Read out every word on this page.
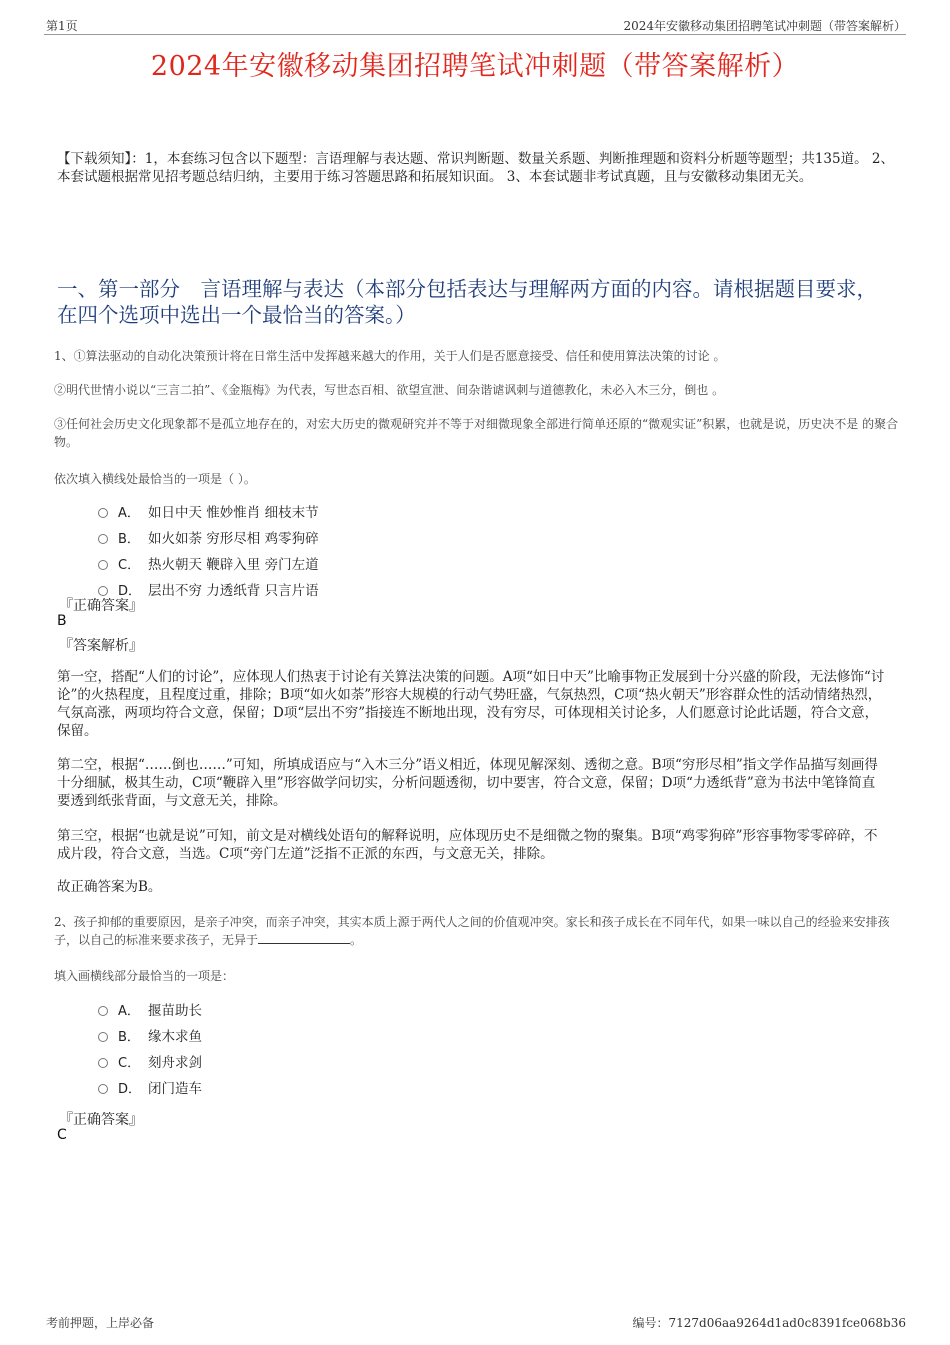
第1页	2024年安徽移动集团招聘笔试冲刺题（带答案解析）
2024年安徽移动集团招聘笔试冲刺题（带答案解析）
【下载须知】：1，本套练习包含以下题型：言语理解与表达题、常识判断题、数量关系题、判断推理题和资料分析题等题型；共135道。 2、本套试题根据常见招考题总结归纳，主要用于练习答题思路和拓展知识面。 3、本套试题非考试真题，且与安徽移动集团无关。
一、第一部分　言语理解与表达（本部分包括表达与理解两方面的内容。请根据题目要求，在四个选项中选出一个最恰当的答案。）
1、①算法驱动的自动化决策预计将在日常生活中发挥越来越大的作用，关于人们是否愿意接受、信任和使用算法决策的讨论 。
②明代世情小说以“三言二拍”、《金瓶梅》为代表，写世态百相、欲望宣泄、间杂谐谑讽刺与道德教化，未必入木三分，倒也 。
③任何社会历史文化现象都不是孤立地存在的，对宏大历史的微观研究并不等于对细微现象全部进行简单还原的“微观实证”积累，也就是说，历史决不是 的聚合物。
依次填入横线处最恰当的一项是（ ）。
A． 如日中天 惟妙惟肖 细枝末节
B． 如火如荼 穷形尽相 鸡零狗碎
C． 热火朝天 鞭辟入里 旁门左道
D． 层出不穷 力透纸背 只言片语
『正确答案』
B
『答案解析』
第一空，搭配“人们的讨论”，应体现人们热衷于讨论有关算法决策的问题。A项“如日中天”比喻事物正发展到十分兴盛的阶段，无法修饰“讨论”的火热程度，且程度过重，排除；B项“如火如荼”形容大规模的行动气势旺盛，气氛热烈，C项“热火朝天”形容群众性的活动情绪热烈，气氛高涨，两项均符合文意，保留；D项“层出不穷”指接连不断地出现，没有穷尽，可体现相关讨论多，人们愿意讨论此话题，符合文意，保留。
第二空，根据“……倒也……”可知，所填成语应与“入木三分”语义相近，体现见解深刻、透彻之意。B项“穷形尽相”指文学作品描写刻画得十分细腻，极其生动，C项“鞭辟入里”形容做学问切实，分析问题透彻，切中要害，符合文意，保留；D项“力透纸背”意为书法中笔锋简直要透到纸张背面，与文意无关，排除。
第三空，根据“也就是说”可知，前文是对横线处语句的解释说明，应体现历史不是细微之物的聚集。B项“鸡零狗碎”形容事物零零碎碎，不成片段，符合文意，当选。C项“旁门左道”泛指不正派的东西，与文意无关，排除。
故正确答案为B。
2、孩子抑郁的重要原因，是亲子冲突，而亲子冲突，其实本质上源于两代人之间的价值观冲突。家长和孩子成长在不同年代，如果一味以自己的经验来安排孩子，以自己的标准来要求孩子，无异于	。
填入画横线部分最恰当的一项是：
A． 揠苗助长
B． 缘木求鱼
C． 刻舟求剑
D． 闭门造车
『正确答案』
C
考前押题，上岸必备	编号：7127d06aa9264d1ad0c8391fce068b36
